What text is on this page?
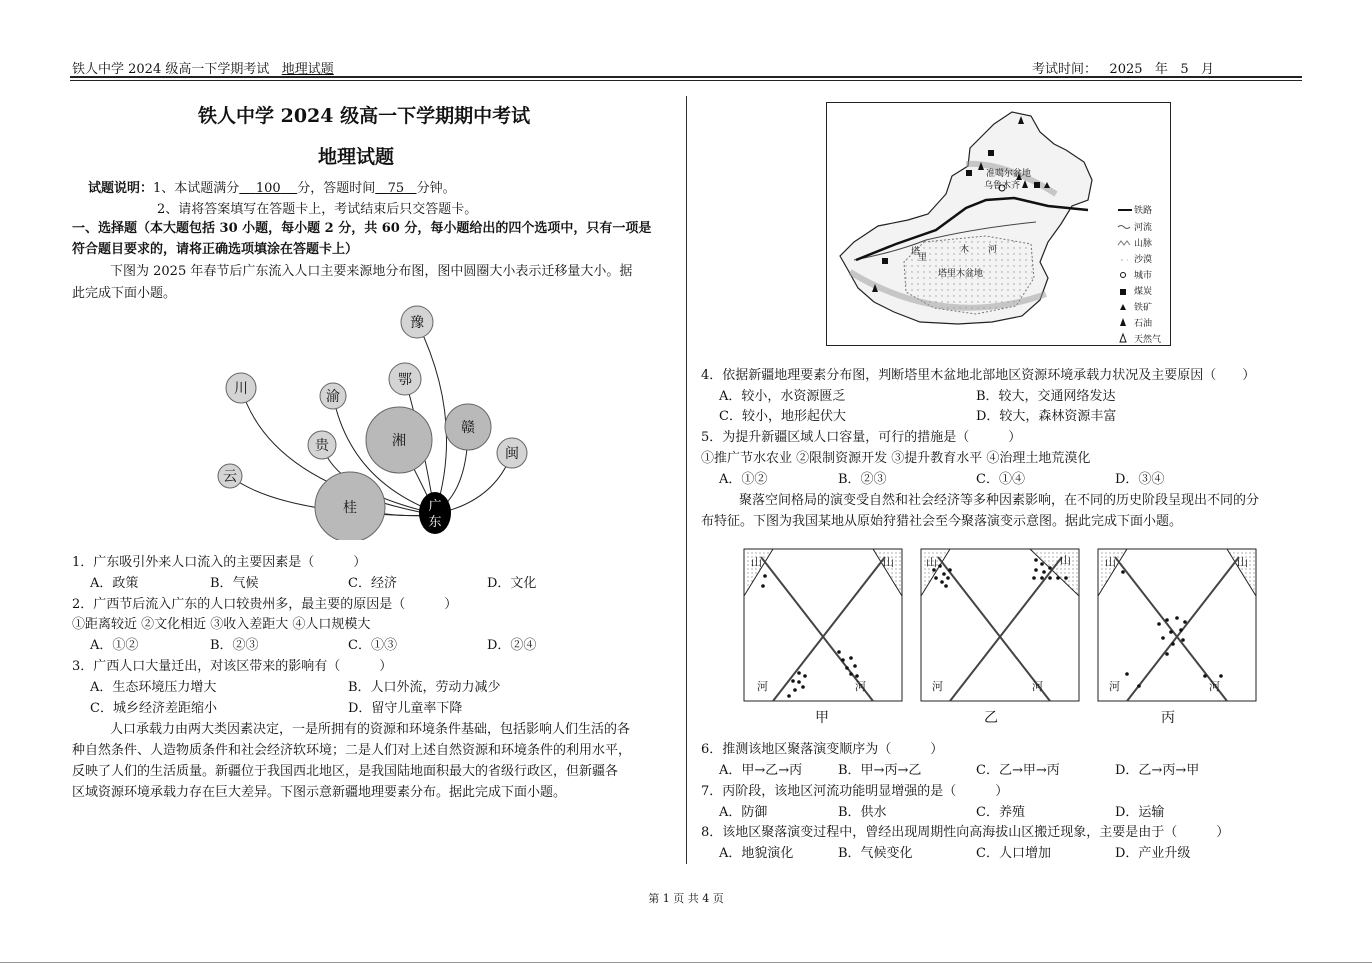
铁人中学 2024 级高一下学期考试 地理试题	考试时间： 2025 年 5 月
铁人中学 2024 级高一下学期期中考试
地理试题
试题说明：1、本试题满分 100 分，答题时间 75 分钟。
2、请将答案填写在答题卡上，考试结束后只交答题卡。
一、选择题（本大题包括 30 小题，每小题 2 分，共 60 分，每小题给出的四个选项中，只有一项是
符合题目要求的，请将正确选项填涂在答题卡上）
下图为 2025 年春节后广东流入人口主要来源地分布图，图中圆圈大小表示迁移量大小。据
此完成下面小题。
豫
川	渝
鄂
赣
湘
贵	闽
云
桂	广东
1．广东吸引外来人口流入的主要因素是（　　　）
A．政策	B．气候	C．经济	D．文化
2．广西节后流入广东的人口较贵州多，最主要的原因是（　　　）
①距离较近 ②文化相近 ③收入差距大 ④人口规模大
A．①②	B．②③	C．①③	D．②④
3．广西人口大量迁出，对该区带来的影响有（　　　）
A．生态环境压力增大	B．人口外流，劳动力减少
C．城乡经济差距缩小	D．留守儿童率下降
人口承载力由两大类因素决定，一是所拥有的资源和环境条件基础，包括影响人们生活的各
种自然条件、人造物质条件和社会经济软环境；二是人们对上述自然资源和环境条件的利用水平，
反映了人们的生活质量。新疆位于我国西北地区，是我国陆地面积最大的省级行政区，但新疆各
区域资源环境承载力存在巨大差异。下图示意新疆地理要素分布。据此完成下面小题。
准噶尔盆地
乌鲁木齐
塔
里
木 河
塔里木盆地
铁路
河流
山脉
沙漠
城市
煤炭
铁矿
石油
天然气
4．依据新疆地理要素分布图，判断塔里木盆地北部地区资源环境承载力状况及主要原因（　　）
A．较小，水资源匮乏	B．较大，交通网络发达
C．较小，地形起伏大	D．较大，森林资源丰富
5．为提升新疆区域人口容量，可行的措施是（　　　）
①推广节水农业 ②限制资源开发 ③提升教育水平 ④治理土地荒漠化
A．①②	B．②③	C．①④	D．③④
聚落空间格局的演变受自然和社会经济等多种因素影响，在不同的历史阶段呈现出不同的分
布特征。下图为我国某地从原始狩猎社会至今聚落演变示意图。据此完成下面小题。
山	山
河	河
甲
山	山
河	河
乙
山	山
河	河
丙
6．推测该地区聚落演变顺序为（　　　）
A．甲→乙→丙	B．甲→丙→乙	C．乙→甲→丙	D．乙→丙→甲
7．丙阶段，该地区河流功能明显增强的是（　　　）
A．防御	B．供水	C．养殖	D．运输
8．该地区聚落演变过程中，曾经出现周期性向高海拔山区搬迁现象，主要是由于（　　　）
A．地貌演化	B．气候变化	C．人口增加	D．产业升级
第 1 页 共 4 页
